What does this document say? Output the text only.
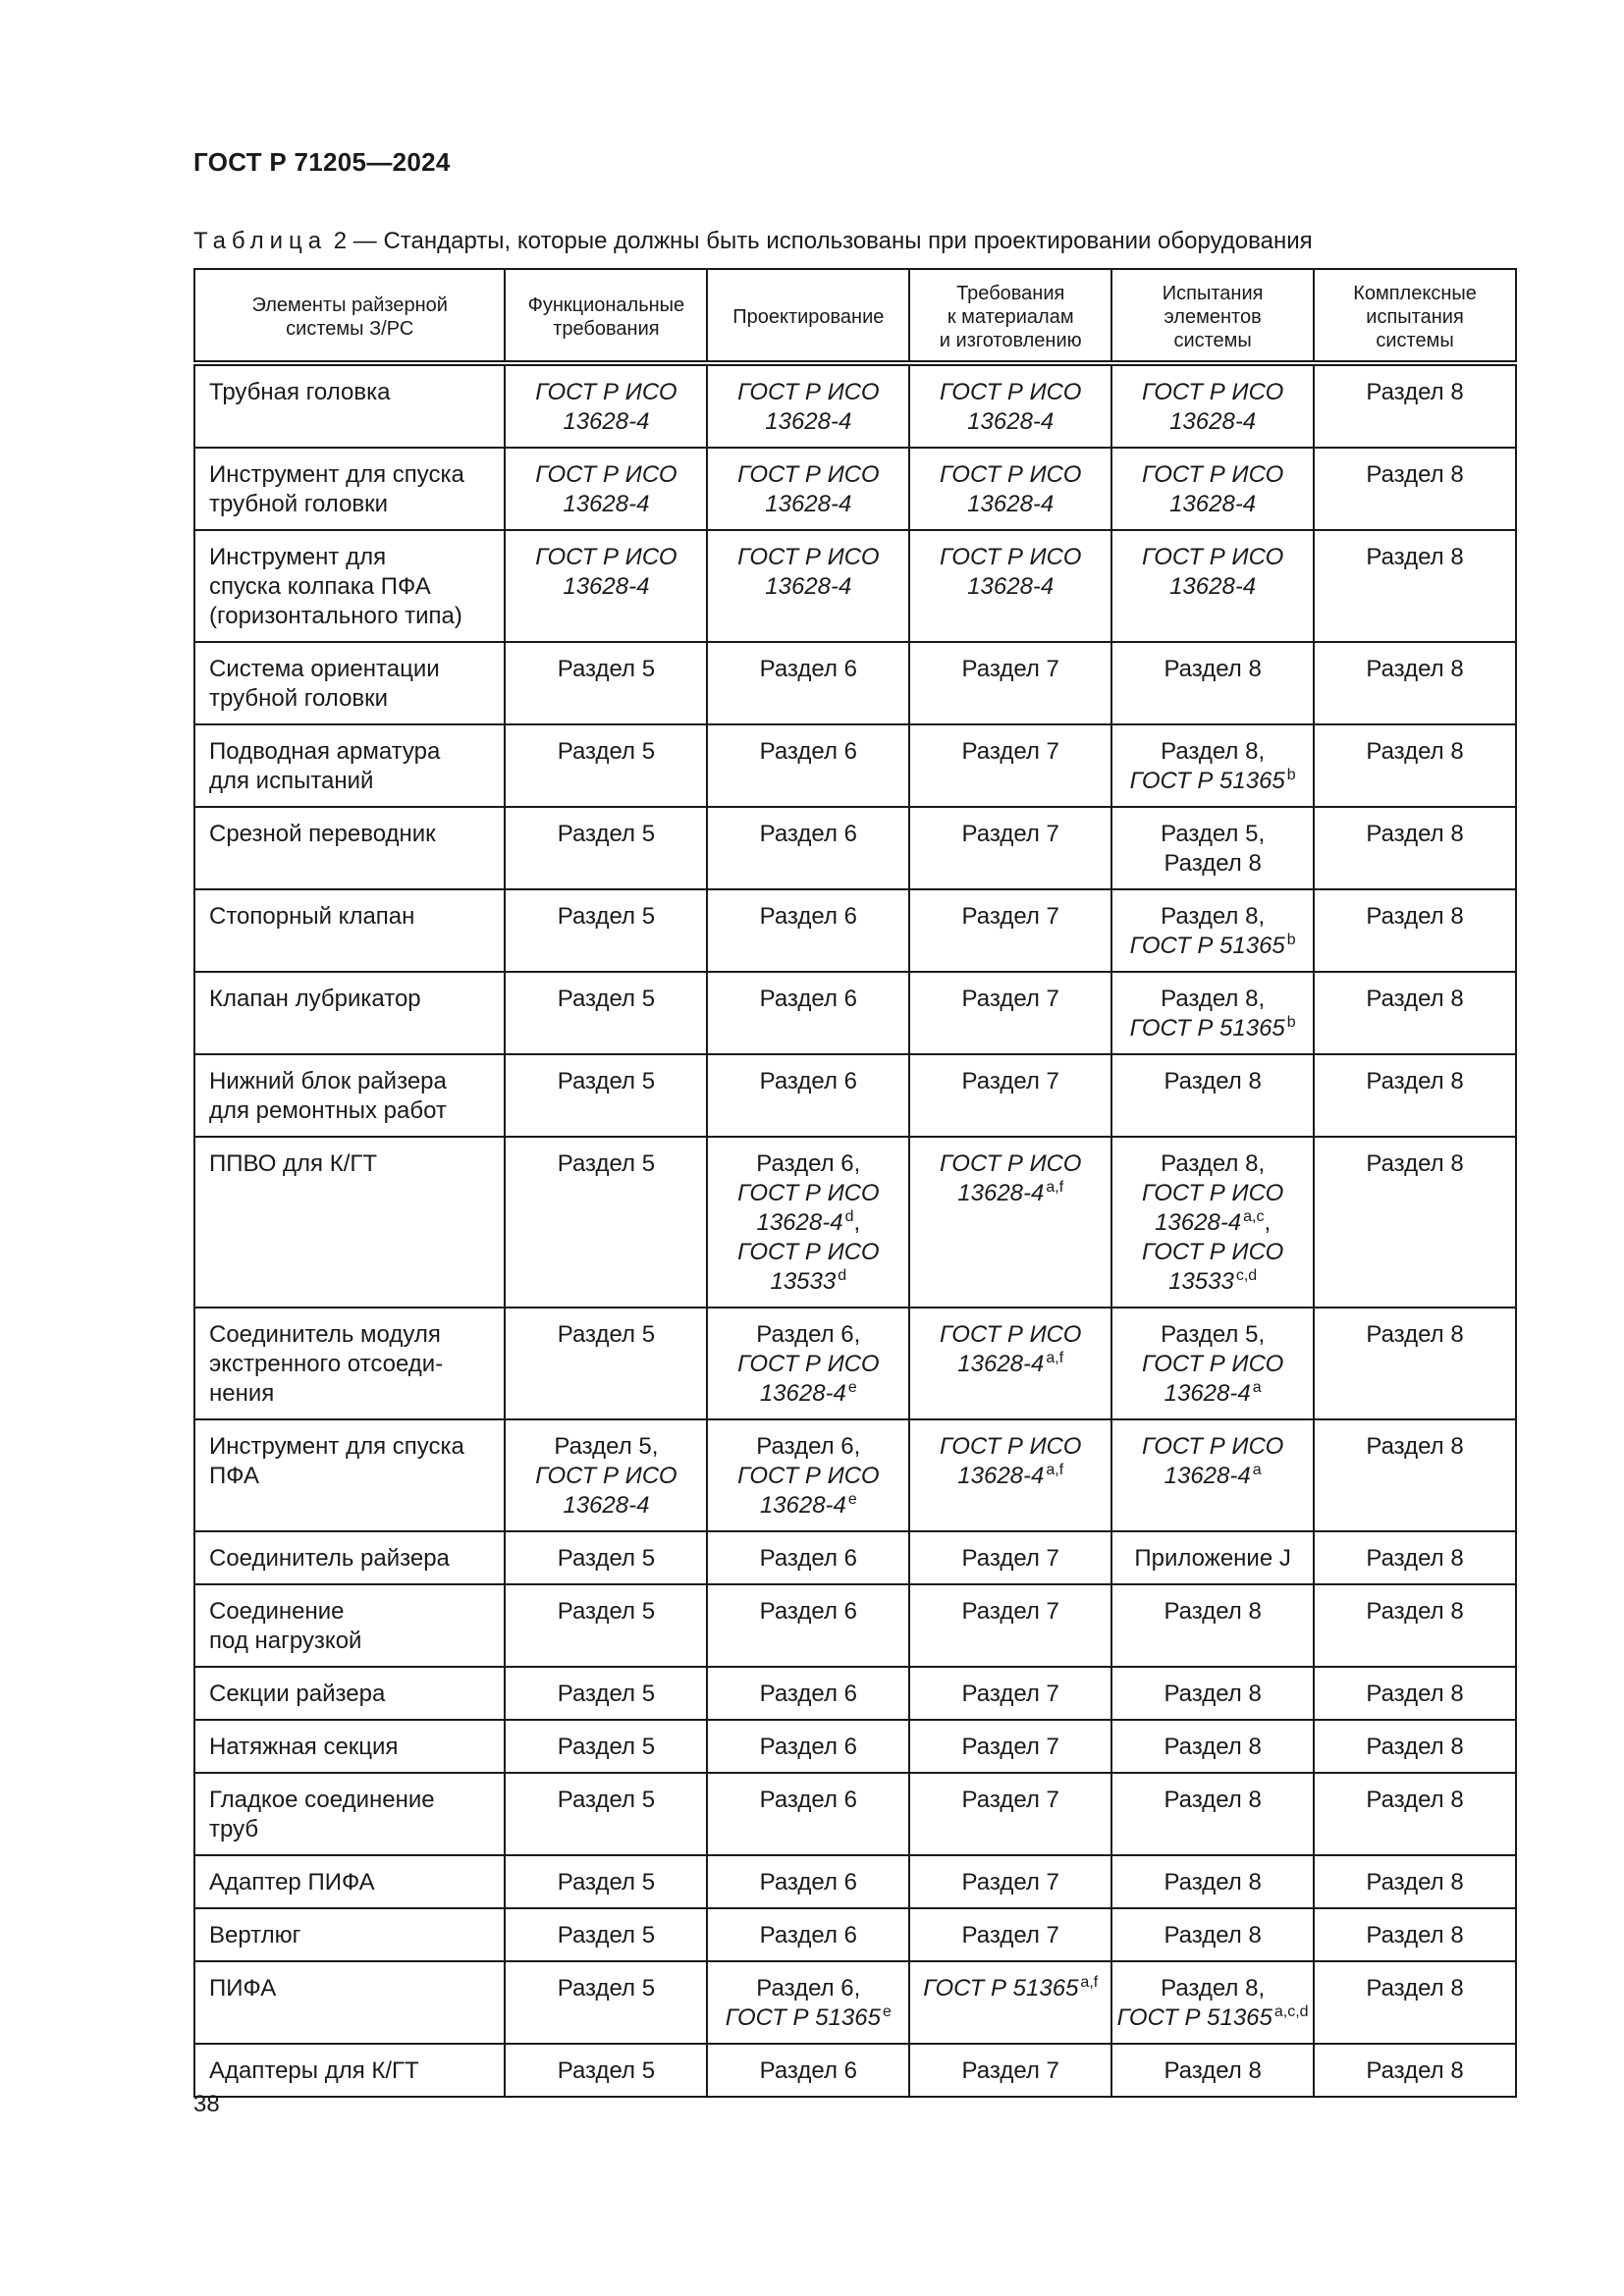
ГОСТ Р 71205—2024
Таблица 2 — Стандарты, которые должны быть использованы при проектировании оборудования
Элементы райзерной
системы З/РС	Функциональные
требования	Проектирование	Требования
к материалам
и изготовлению	Испытания
элементов
системы	Комплексные
испытания
системы

Трубная головка	ГОСТ Р ИСО
13628-4	ГОСТ Р ИСО
13628-4	ГОСТ Р ИСО
13628-4	ГОСТ Р ИСО
13628-4	Раздел 8

Инструмент для спуска
трубной головки	ГОСТ Р ИСО
13628-4	ГОСТ Р ИСО
13628-4	ГОСТ Р ИСО
13628-4	ГОСТ Р ИСО
13628-4	Раздел 8

Инструмент для
спуска колпака ПФА
(горизонтального типа)	ГОСТ Р ИСО
13628-4	ГОСТ Р ИСО
13628-4	ГОСТ Р ИСО
13628-4	ГОСТ Р ИСО
13628-4	Раздел 8

Система ориентации
трубной головки	Раздел 5	Раздел 6	Раздел 7	Раздел 8	Раздел 8

Подводная арматура
для испытаний	Раздел 5	Раздел 6	Раздел 7	Раздел 8,
ГОСТ Р 51365 $^b$	Раздел 8

Срезной переводник	Раздел 5	Раздел 6	Раздел 7	Раздел 5,
Раздел 8	Раздел 8

Стопорный клапан	Раздел 5	Раздел 6	Раздел 7	Раздел 8,
ГОСТ Р 51365 $^b$	Раздел 8

Клапан лубрикатор	Раздел 5	Раздел 6	Раздел 7	Раздел 8,
ГОСТ Р 51365 $^b$	Раздел 8

Нижний блок райзера
для ремонтных работ	Раздел 5	Раздел 6	Раздел 7	Раздел 8	Раздел 8

ППВО для К/ГТ	Раздел 5	Раздел 6,
ГОСТ Р ИСО
13628-4 $^d$,
ГОСТ Р ИСО
13533 $^d$	ГОСТ Р ИСО
13628-4 $^{a,f}$	Раздел 8,
ГОСТ Р ИСО
13628-4 $^{a,c}$,
ГОСТ Р ИСО
13533 $^{c,d}$	Раздел 8

Соединитель модуля
экстренного отсоеди-
нения	Раздел 5	Раздел 6,
ГОСТ Р ИСО
13628-4 $^e$	ГОСТ Р ИСО
13628-4 $^{a,f}$	Раздел 5,
ГОСТ Р ИСО
13628-4 $^a$	Раздел 8

Инструмент для спуска
ПФА	Раздел 5,
ГОСТ Р ИСО
13628-4	Раздел 6,
ГОСТ Р ИСО
13628-4 $^e$	ГОСТ Р ИСО
13628-4 $^{a,f}$	ГОСТ Р ИСО
13628-4 $^a$	Раздел 8

Соединитель райзера	Раздел 5	Раздел 6	Раздел 7	Приложение J	Раздел 8

Соединение
под нагрузкой	Раздел 5	Раздел 6	Раздел 7	Раздел 8	Раздел 8

Секции райзера	Раздел 5	Раздел 6	Раздел 7	Раздел 8	Раздел 8

Натяжная секция	Раздел 5	Раздел 6	Раздел 7	Раздел 8	Раздел 8

Гладкое соединение
труб	Раздел 5	Раздел 6	Раздел 7	Раздел 8	Раздел 8

Адаптер ПИФА	Раздел 5	Раздел 6	Раздел 7	Раздел 8	Раздел 8

Вертлюг	Раздел 5	Раздел 6	Раздел 7	Раздел 8	Раздел 8

ПИФА	Раздел 5	Раздел 6,
ГОСТ Р 51365 $^e$	ГОСТ Р 51365 $^{a,f}$	Раздел 8,
ГОСТ Р 51365 $^{a,c,d}$	Раздел 8

Адаптеры для К/ГТ	Раздел 5	Раздел 6	Раздел 7	Раздел 8	Раздел 8
38
